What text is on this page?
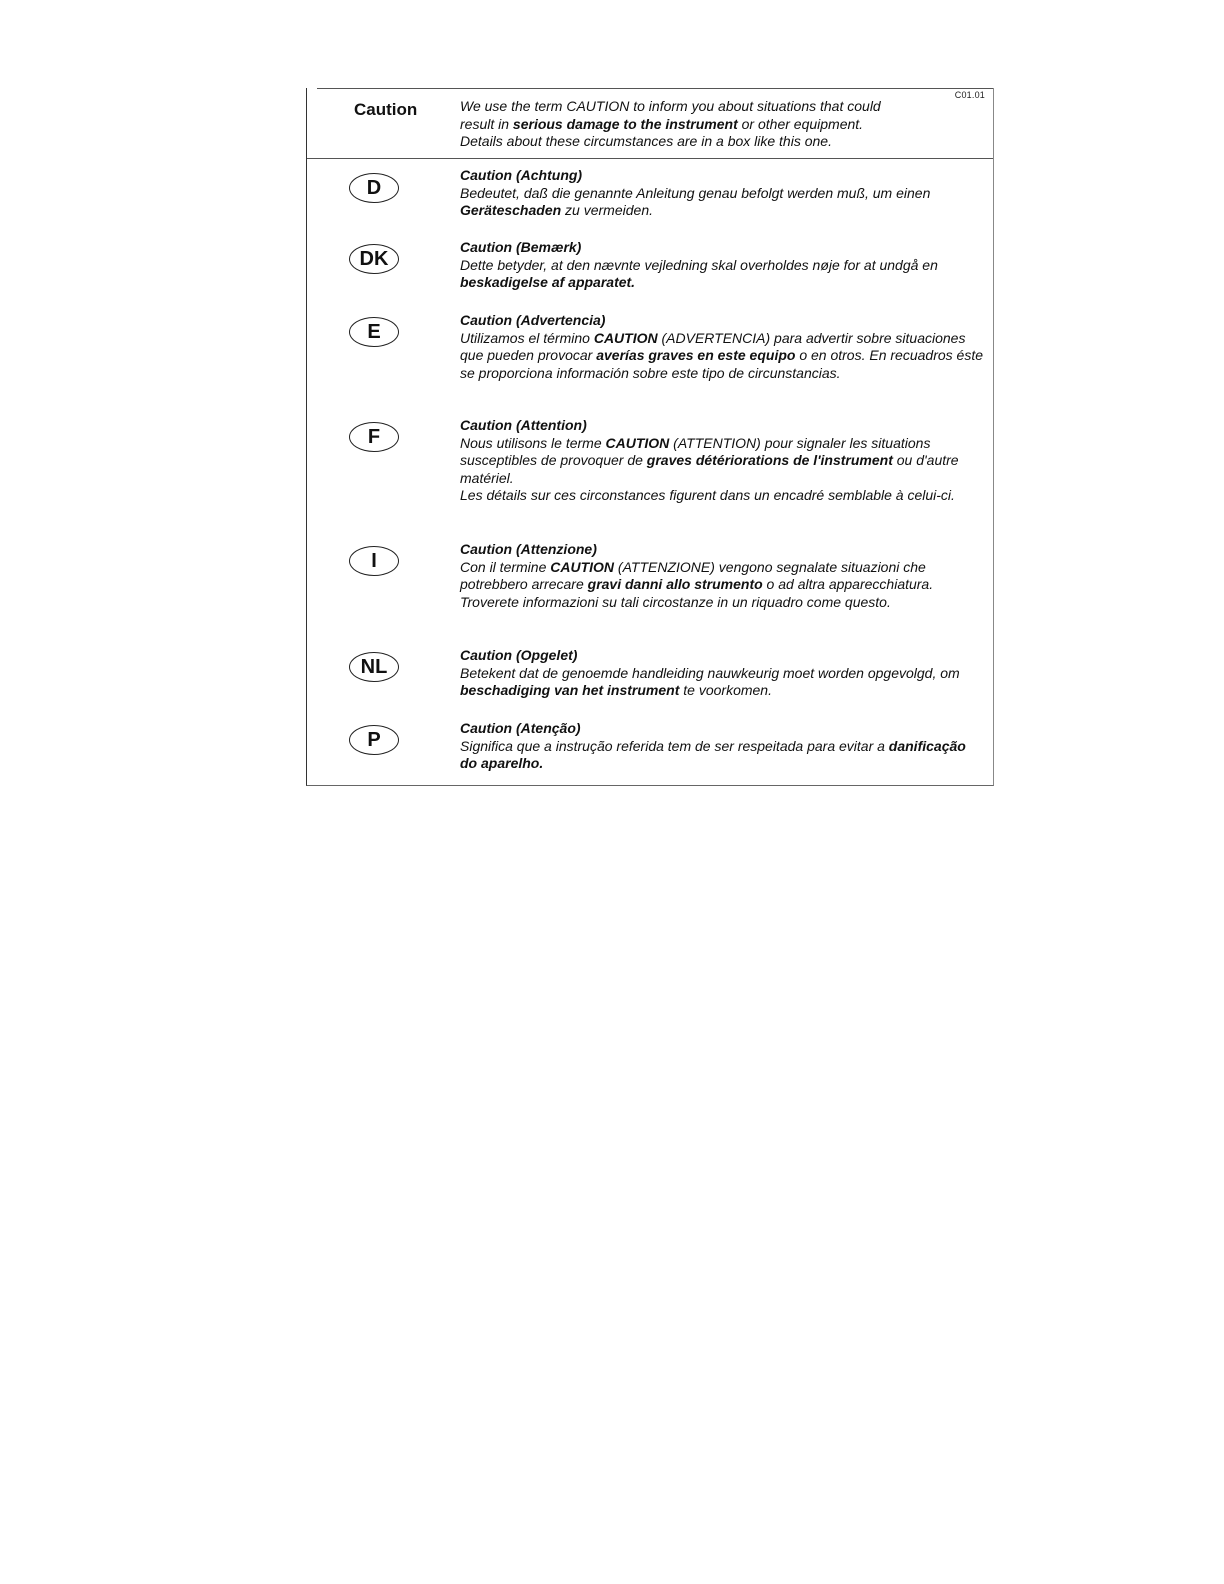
C01.01
Caution	We use the term CAUTION to inform you about situations that could
result in serious damage to the instrument or other equipment.
Details about these circumstances are in a box like this one.
D
Caution (Achtung)
Bedeutet, daß die genannte Anleitung genau befolgt werden muß, um einen Geräteschaden zu vermeiden.
DK
Caution (Bemærk)
Dette betyder, at den nævnte vejledning skal overholdes nøje for at undgå en beskadigelse af apparatet.
E
Caution (Advertencia)
Utilizamos el término CAUTION (ADVERTENCIA) para advertir sobre situaciones que pueden provocar averías graves en este equipo o en otros. En recuadros éste se proporciona información sobre este tipo de circunstancias.
F
Caution (Attention)
Nous utilisons le terme CAUTION (ATTENTION) pour signaler les situations susceptibles de provoquer de graves détériorations de l'instrument ou d'autre matériel.
Les détails sur ces circonstances figurent dans un encadré semblable à celui-ci.
I
Caution (Attenzione)
Con il termine CAUTION (ATTENZIONE) vengono segnalate situazioni che potrebbero arrecare gravi danni allo strumento o ad altra apparecchiatura.
Troverete informazioni su tali circostanze in un riquadro come questo.
NL
Caution (Opgelet)
Betekent dat de genoemde handleiding nauwkeurig moet worden opgevolgd, om beschadiging van het instrument te voorkomen.
P
Caution (Atenção)
Significa que a instrução referida tem de ser respeitada para evitar a danificação do aparelho.
